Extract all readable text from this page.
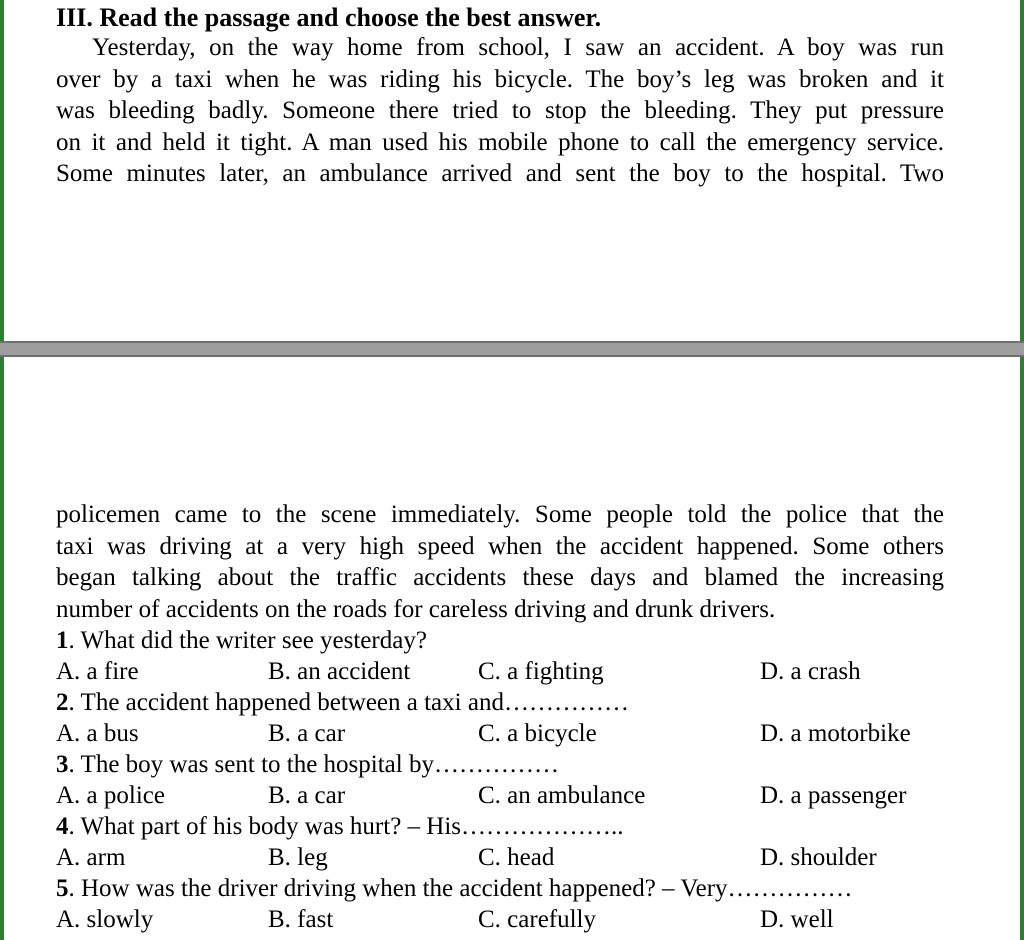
III. Read the passage and choose the best answer.
Yesterday, on the way home from school, I saw an accident. A boy was run
over by a taxi when he was riding his bicycle. The boy’s leg was broken and it
was bleeding badly. Someone there tried to stop the bleeding. They put pressure
on it and held it tight. A man used his mobile phone to call the emergency service.
Some minutes later, an ambulance arrived and sent the boy to the hospital. Two
policemen came to the scene immediately. Some people told the police that the
taxi was driving at a very high speed when the accident happened. Some others
began talking about the traffic accidents these days and blamed the increasing
number of accidents on the roads for careless driving and drunk drivers.
1. What did the writer see yesterday?
A. a fire	B. an accident	C. a fighting	D. a crash
2. The accident happened between a taxi and……………
A. a bus	B. a car	C. a bicycle	D. a motorbike
3. The boy was sent to the hospital by……………
A. a police	B. a car	C. an ambulance	D. a passenger
4. What part of his body was hurt? – His………………..
A. arm	B. leg	C. head	D. shoulder
5. How was the driver driving when the accident happened? – Very……………
A. slowly	B. fast	C. carefully	D. well
